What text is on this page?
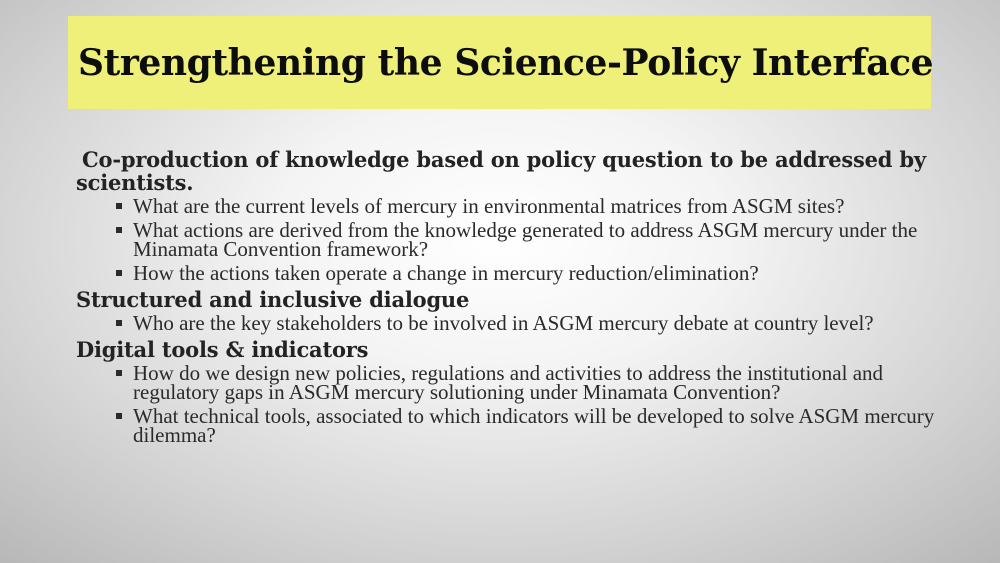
Strengthening the Science-Policy Interface
Co-production of knowledge based on policy question to be addressed by scientists.
What are the current levels of mercury in environmental matrices from ASGM sites?
What actions are derived from the knowledge generated to address ASGM mercury under the Minamata Convention framework?
How the actions taken operate a change in mercury reduction/elimination?
Structured and inclusive dialogue
Who are the key stakeholders to be involved in ASGM mercury debate at country level?
Digital tools & indicators
How do we design new policies, regulations and activities to address the institutional and regulatory gaps in ASGM mercury solutioning under Minamata Convention?
What technical tools, associated to which indicators will be developed to solve ASGM mercury dilemma?
